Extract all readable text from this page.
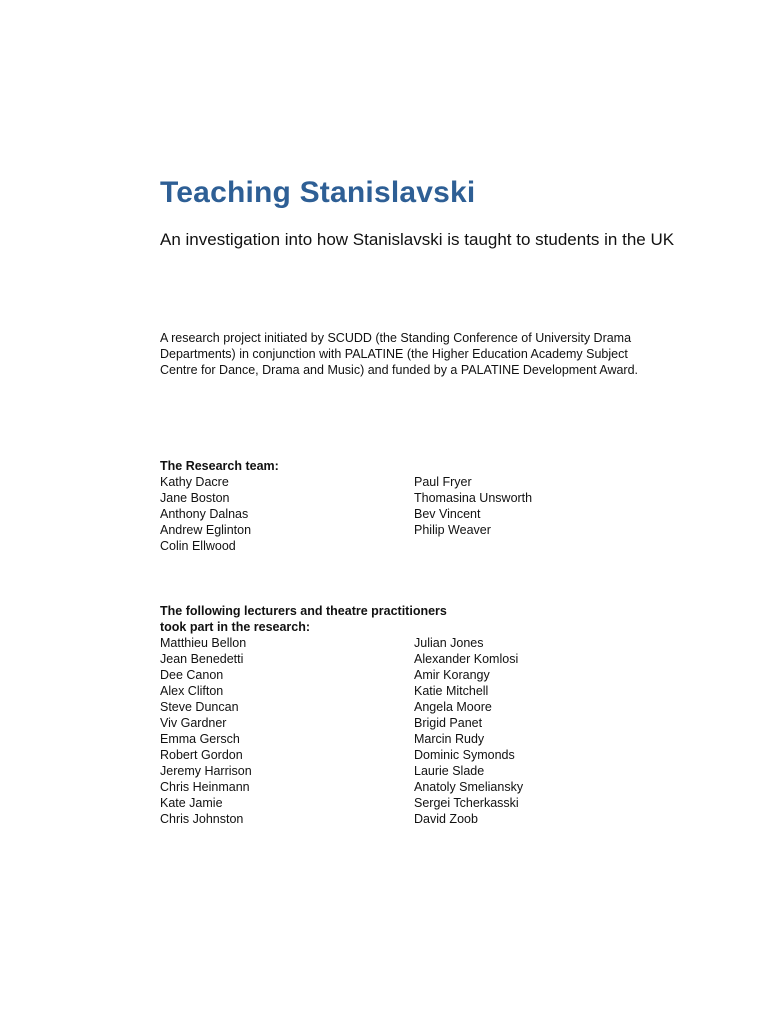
Teaching Stanislavski

An investigation into how Stanislavski is taught to students in the UK

A research project initiated by SCUDD (the Standing Conference of University Drama
Departments) in conjunction with PALATINE (the Higher Education Academy Subject
Centre for Dance, Drama and Music) and funded by a PALATINE Development Award.

The Research team:

Kathy Dacre
Jane Boston
Anthony Dalnas
Andrew Eglinton
Colin Ellwood
Paul Fryer
Thomasina Unsworth
Bev Vincent
Philip Weaver

The following lecturers and theatre practitioners
took part in the research:

Matthieu Bellon
Jean Benedetti
Dee Canon
Alex Clifton
Steve Duncan
Viv Gardner
Emma Gersch
Robert Gordon
Jeremy Harrison
Chris Heinmann
Kate Jamie
Chris Johnston
Julian Jones
Alexander Komlosi
Amir Korangy
Katie Mitchell
Angela Moore
Brigid Panet
Marcin Rudy
Dominic Symonds
Laurie Slade
Anatoly Smeliansky
Sergei Tcherkasski
David Zoob
